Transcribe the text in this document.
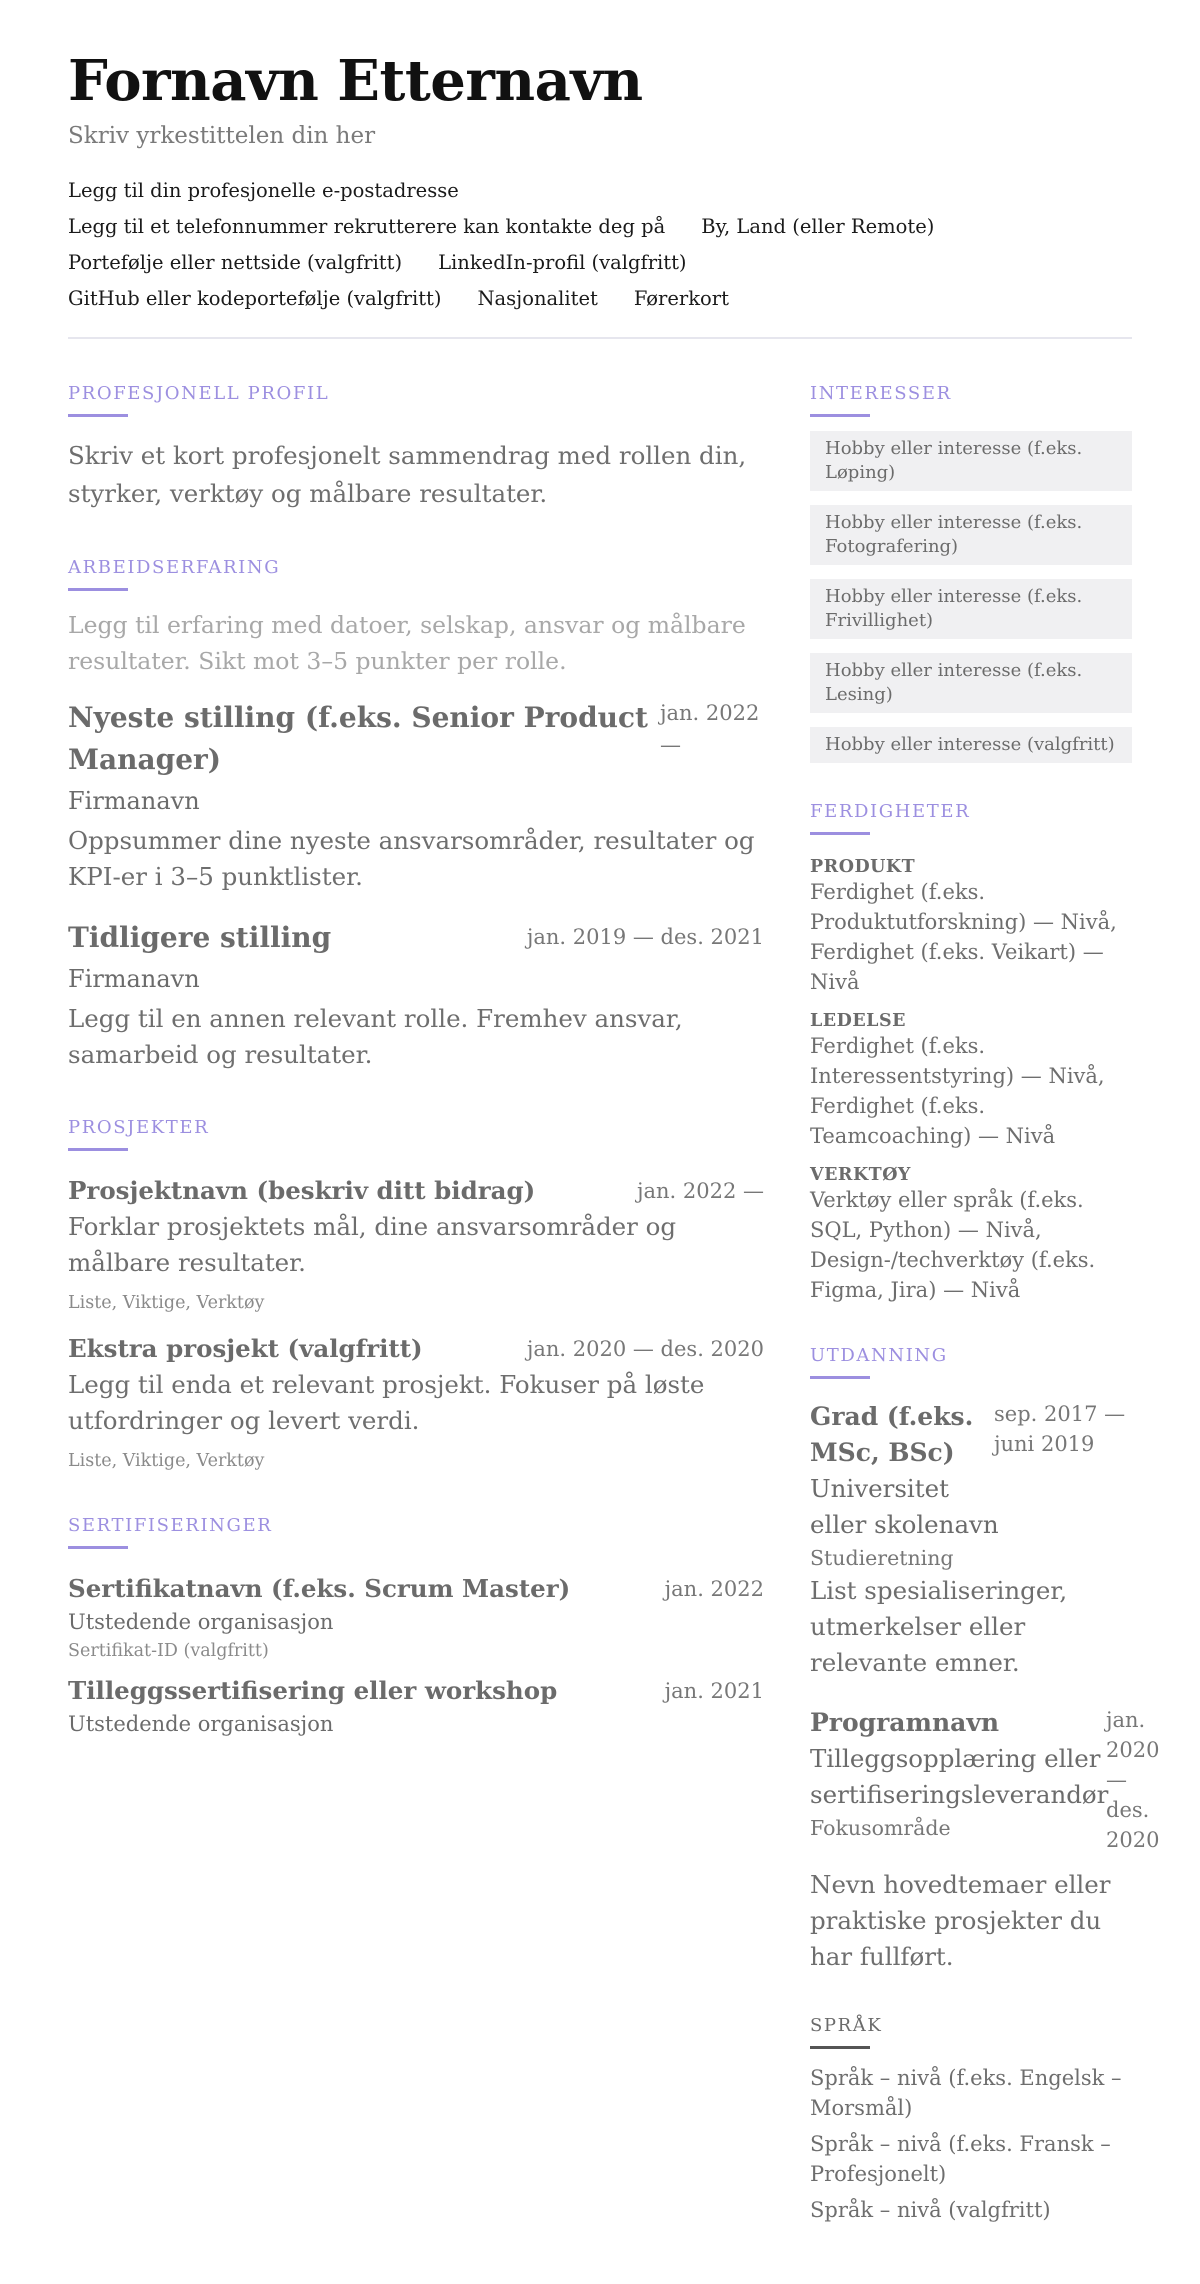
Fornavn Etternavn
Skriv yrkestittelen din her
Legg til din profesjonelle e-postadresse
Legg til et telefonnummer rekrutterere kan kontakte deg på By, Land (eller Remote)
Portefølje eller nettside (valgfritt) LinkedIn-profil (valgfritt)
GitHub eller kodeportefølje (valgfritt) Nasjonalitet Førerkort
PROFESJONELL PROFIL

Skriv et kort profesjonelt sammendrag med rollen din, styrker, verktøy og målbare resultater.

ARBEIDSERFARING

Legg til erfaring med datoer, selskap, ansvar og målbare resultater. Sikt mot 3–5 punkter per rolle.

Nyeste stilling (f.eks. Senior Product Manager)
jan. 2022 —
Firmanavn

Oppsummer dine nyeste ansvarsområder, resultater og KPI-er i 3–5 punktlister.

Tidligere stilling	jan. 2019 — des. 2021
Firmanavn

Legg til en annen relevant rolle. Fremhev ansvar, samarbeid og resultater.

PROSJEKTER
Prosjektnavn (beskriv ditt bidrag)	jan. 2022 —

Forklar prosjektets mål, dine ansvarsområder og målbare resultater.

Liste, Viktige, Verktøy
Ekstra prosjekt (valgfritt)	jan. 2020 — des. 2020

Legg til enda et relevant prosjekt. Fokuser på løste utfordringer og levert verdi.

Liste, Viktige, Verktøy
SERTIFISERINGER
Sertifikatnavn (f.eks. Scrum Master)	jan. 2022
Utstedende organisasjon
Sertifikat-ID (valgfritt)
Tilleggssertifisering eller workshop	jan. 2021
Utstedende organisasjon
INTERESSER
Hobby eller interesse (f.eks. Løping)
Hobby eller interesse (f.eks. Fotografering)
Hobby eller interesse (f.eks. Frivillighet)
Hobby eller interesse (f.eks. Lesing)
Hobby eller interesse (valgfritt)
FERDIGHETER
PRODUKT
Ferdighet (f.eks. Produktutforskning) — Nivå, Ferdighet (f.eks. Veikart) — Nivå
LEDELSE
Ferdighet (f.eks. Interessentstyring) — Nivå, Ferdighet (f.eks. Teamcoaching) — Nivå
VERKTØY
Verktøy eller språk (f.eks. SQL, Python) — Nivå, Design-/techverktøy (f.eks. Figma, Jira) — Nivå
UTDANNING
Grad (f.eks. MSc, BSc)
sep. 2017 — juni 2019
Universitet eller skolenavn
Studieretning
List spesialiseringer, utmerkelser eller relevante emner.
Programnavn
Tilleggsopplæring eller sertifiseringsleverandør
Fokusområde
jan. 2020 — des. 2020
Nevn hovedtemaer eller praktiske prosjekter du har fullført.
SPRÅK
Språk – nivå (f.eks. Engelsk – Morsmål)
Språk – nivå (f.eks. Fransk – Profesjonelt)
Språk – nivå (valgfritt)
